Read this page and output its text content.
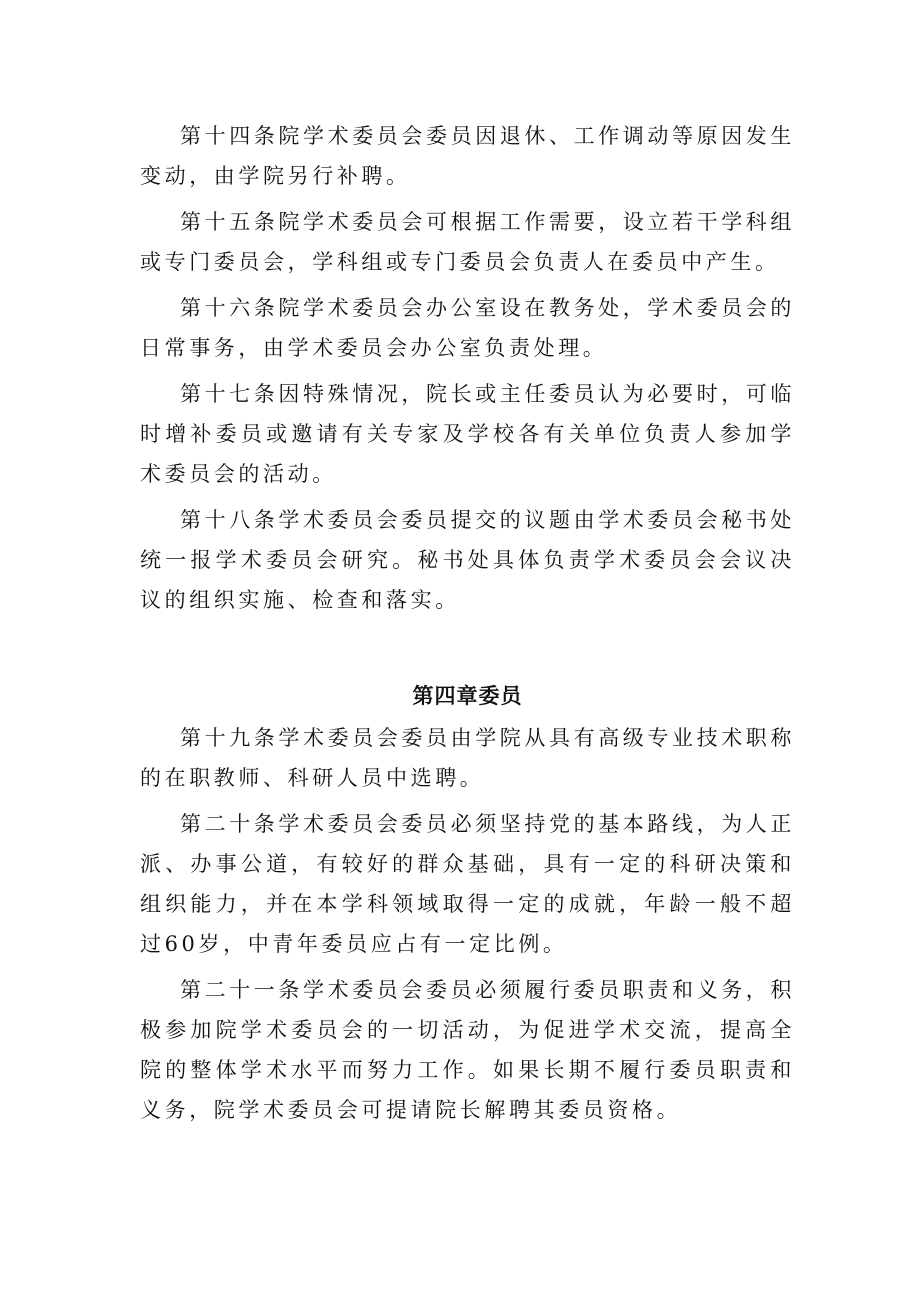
第十四条院学术委员会委员因退休、工作调动等原因发生变动，由学院另行补聘。

第十五条院学术委员会可根据工作需要，设立若干学科组或专门委员会，学科组或专门委员会负责人在委员中产生。

第十六条院学术委员会办公室设在教务处，学术委员会的日常事务，由学术委员会办公室负责处理。

第十七条因特殊情况，院长或主任委员认为必要时，可临时增补委员或邀请有关专家及学校各有关单位负责人参加学术委员会的活动。

第十八条学术委员会委员提交的议题由学术委员会秘书处统一报学术委员会研究。秘书处具体负责学术委员会会议决议的组织实施、检查和落实。

第四章委员

第十九条学术委员会委员由学院从具有高级专业技术职称的在职教师、科研人员中选聘。

第二十条学术委员会委员必须坚持党的基本路线，为人正派、办事公道，有较好的群众基础，具有一定的科研决策和组织能力，并在本学科领域取得一定的成就，年龄一般不超过60岁，中青年委员应占有一定比例。

第二十一条学术委员会委员必须履行委员职责和义务，积极参加院学术委员会的一切活动，为促进学术交流，提高全院的整体学术水平而努力工作。如果长期不履行委员职责和义务，院学术委员会可提请院长解聘其委员资格。
